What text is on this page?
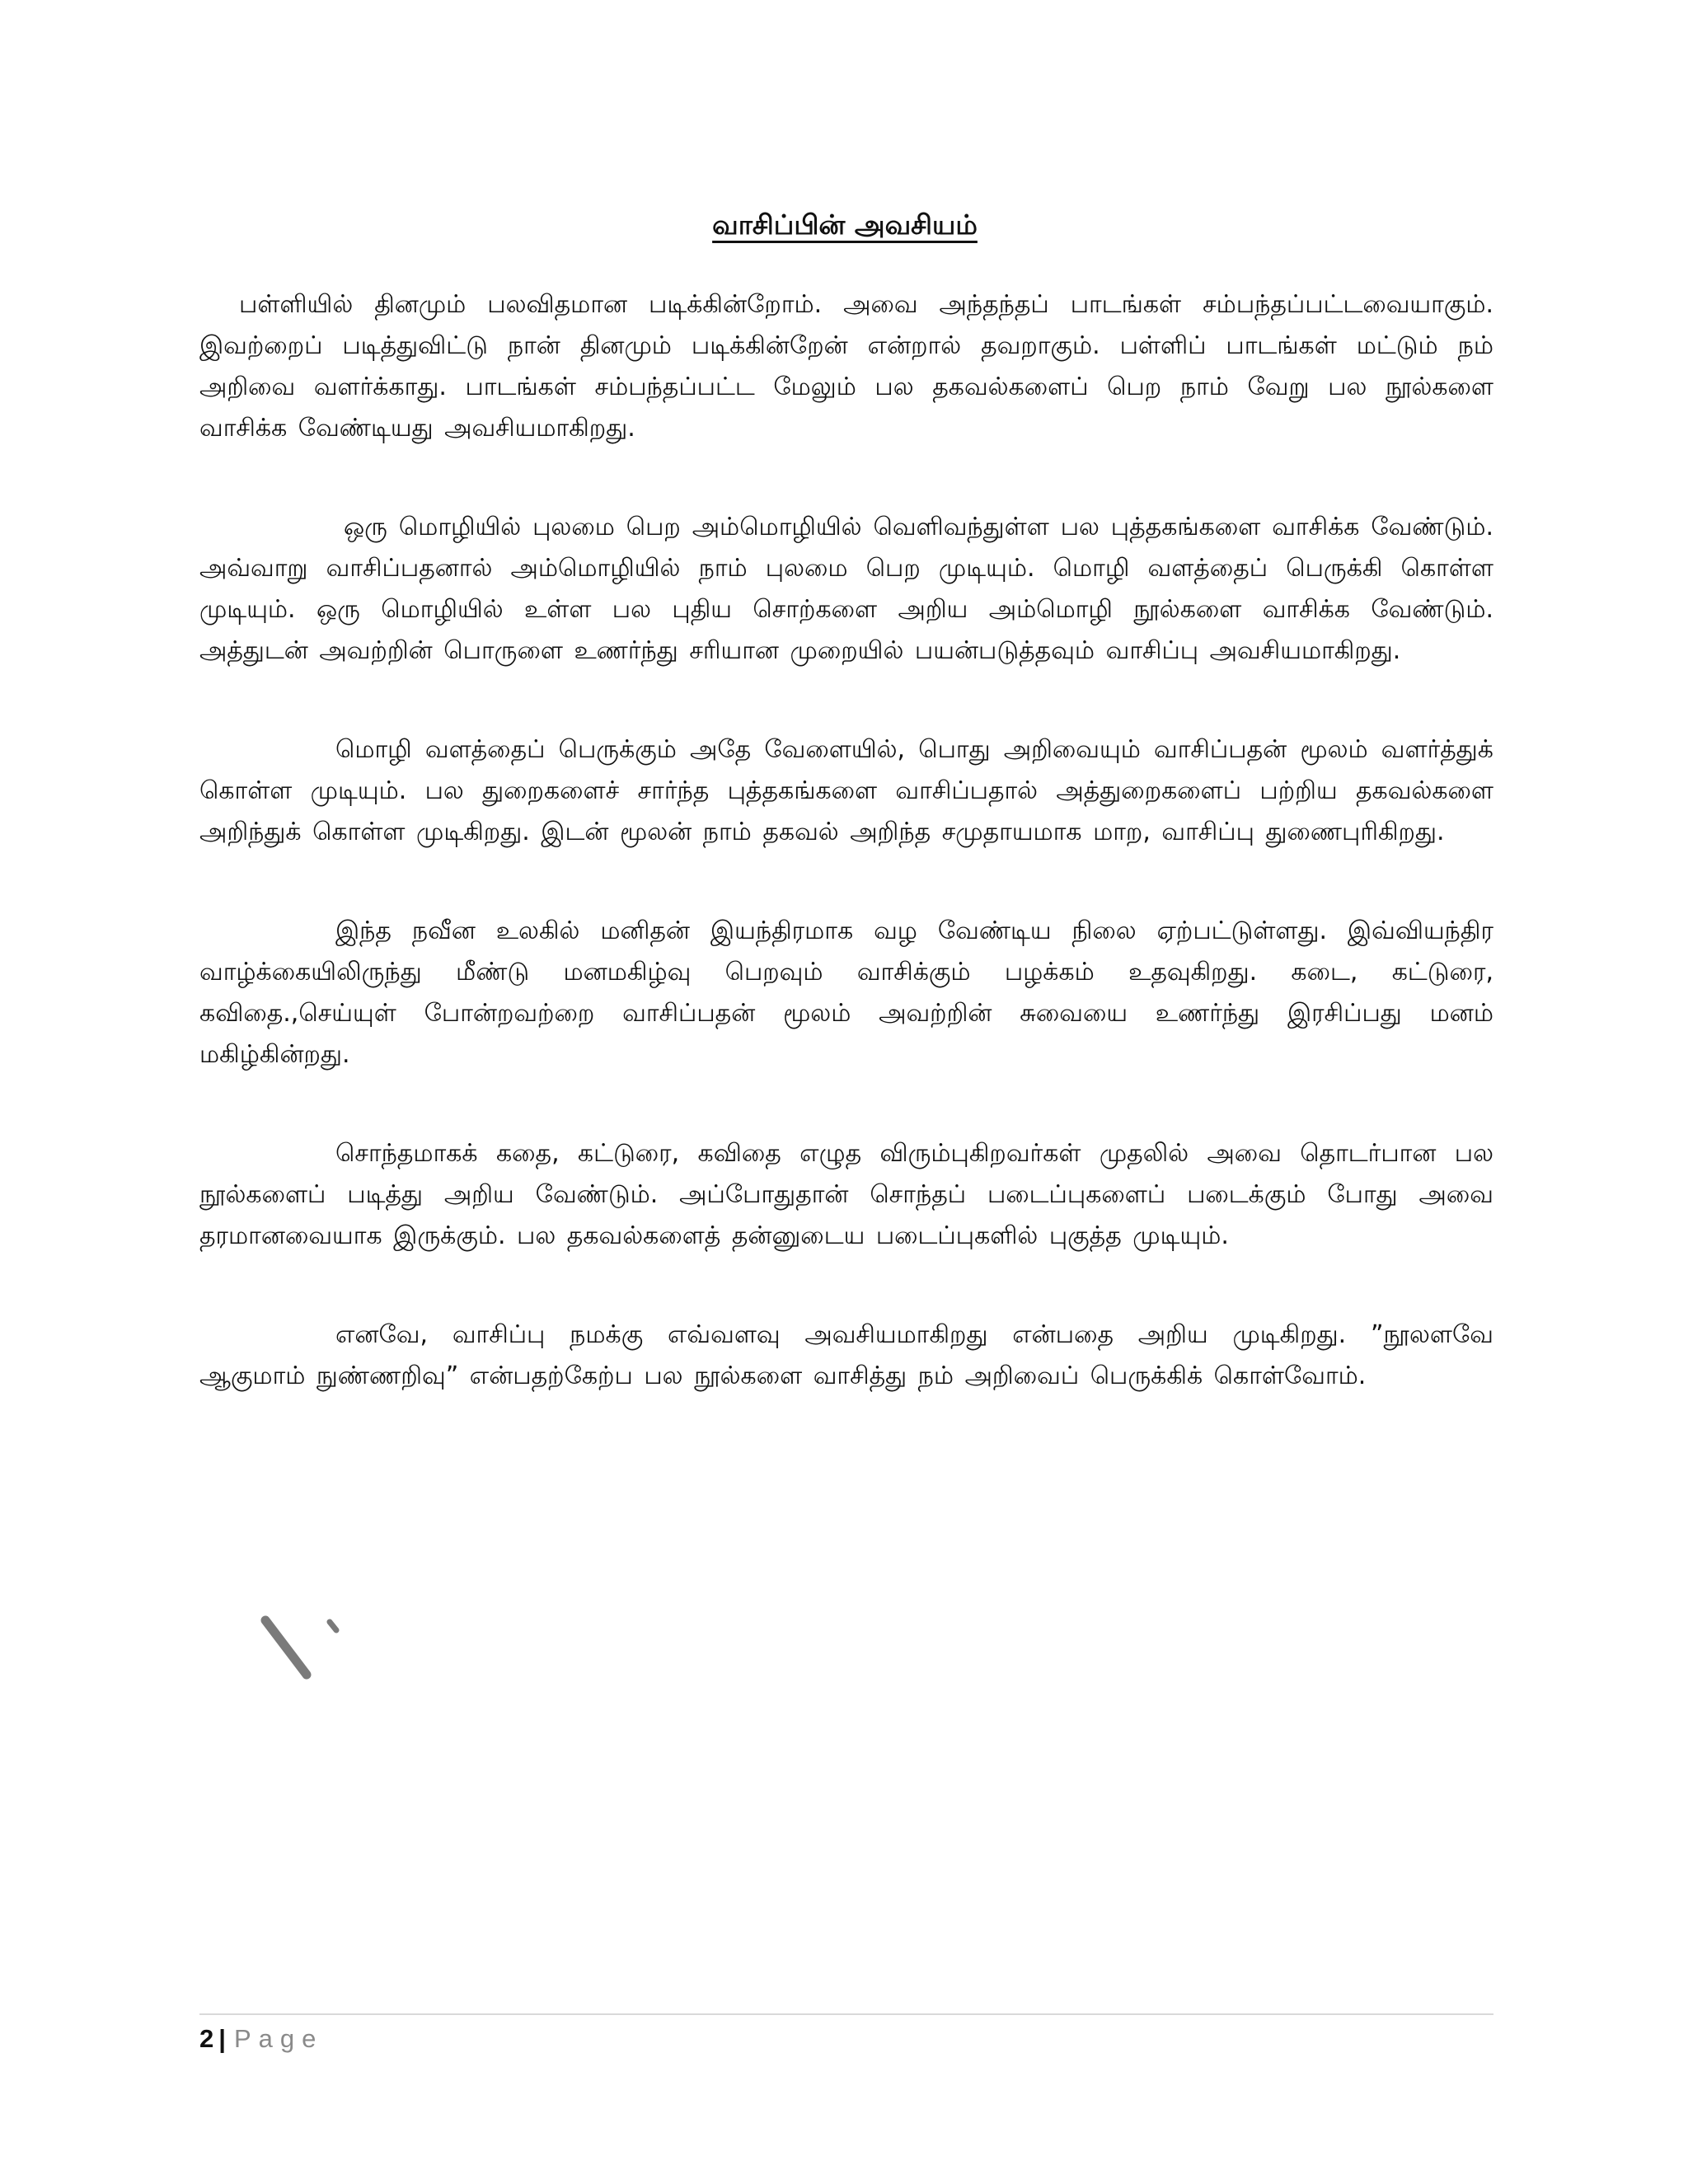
வாசிப்பின் அவசியம்

பள்ளியில் தினமும் பலவிதமான படிக்கின்றோம். அவை அந்தந்தப் பாடங்கள் சம்பந்தப்பட்டவையாகும். இவற்றைப் படித்துவிட்டு நான் தினமும் படிக்கின்றேன் என்றால் தவறாகும். பள்ளிப் பாடங்கள் மட்டும் நம் அறிவை வளர்க்காது. பாடங்கள் சம்பந்தப்பட்ட மேலும் பல தகவல்களைப் பெற நாம் வேறு பல நூல்களை வாசிக்க வேண்டியது அவசியமாகிறது.

ஒரு மொழியில் புலமை பெற அம்மொழியில் வெளிவந்துள்ள பல புத்தகங்களை வாசிக்க வேண்டும். அவ்வாறு வாசிப்பதனால் அம்மொழியில் நாம் புலமை பெற முடியும். மொழி வளத்தைப் பெருக்கி கொள்ள முடியும். ஒரு மொழியில் உள்ள பல புதிய சொற்களை அறிய அம்மொழி நூல்களை வாசிக்க வேண்டும். அத்துடன் அவற்றின் பொருளை உணர்ந்து சரியான முறையில் பயன்படுத்தவும் வாசிப்பு அவசியமாகிறது.

மொழி வளத்தைப் பெருக்கும் அதே வேளையில், பொது அறிவையும் வாசிப்பதன் மூலம் வளர்த்துக் கொள்ள முடியும். பல துறைகளைச் சார்ந்த புத்தகங்களை வாசிப்பதால் அத்துறைகளைப் பற்றிய தகவல்களை அறிந்துக் கொள்ள முடிகிறது. இடன் மூலன் நாம் தகவல் அறிந்த சமுதாயமாக மாற, வாசிப்பு துணைபுரிகிறது.

இந்த நவீன உலகில் மனிதன் இயந்திரமாக வழ வேண்டிய நிலை ஏற்பட்டுள்ளது. இவ்வியந்திர வாழ்க்கையிலிருந்து மீண்டு மனமகிழ்வு பெறவும் வாசிக்கும் பழக்கம் உதவுகிறது. கடை, கட்டுரை, கவிதை.,செய்யுள் போன்றவற்றை வாசிப்பதன் மூலம் அவற்றின் சுவையை உணர்ந்து இரசிப்பது மனம் மகிழ்கின்றது.

சொந்தமாகக் கதை, கட்டுரை, கவிதை எழுத விரும்புகிறவர்கள் முதலில் அவை தொடர்பான பல நூல்களைப் படித்து அறிய வேண்டும். அப்போதுதான் சொந்தப் படைப்புகளைப் படைக்கும் போது அவை தரமானவையாக இருக்கும். பல தகவல்களைத் தன்னுடைய படைப்புகளில் புகுத்த முடியும்.

எனவே, வாசிப்பு நமக்கு எவ்வளவு அவசியமாகிறது என்பதை அறிய முடிகிறது. ”நூலளவே ஆகுமாம் நுண்ணறிவு” என்பதற்கேற்ப பல நூல்களை வாசித்து நம் அறிவைப் பெருக்கிக் கொள்வோம்.

2 | Page
